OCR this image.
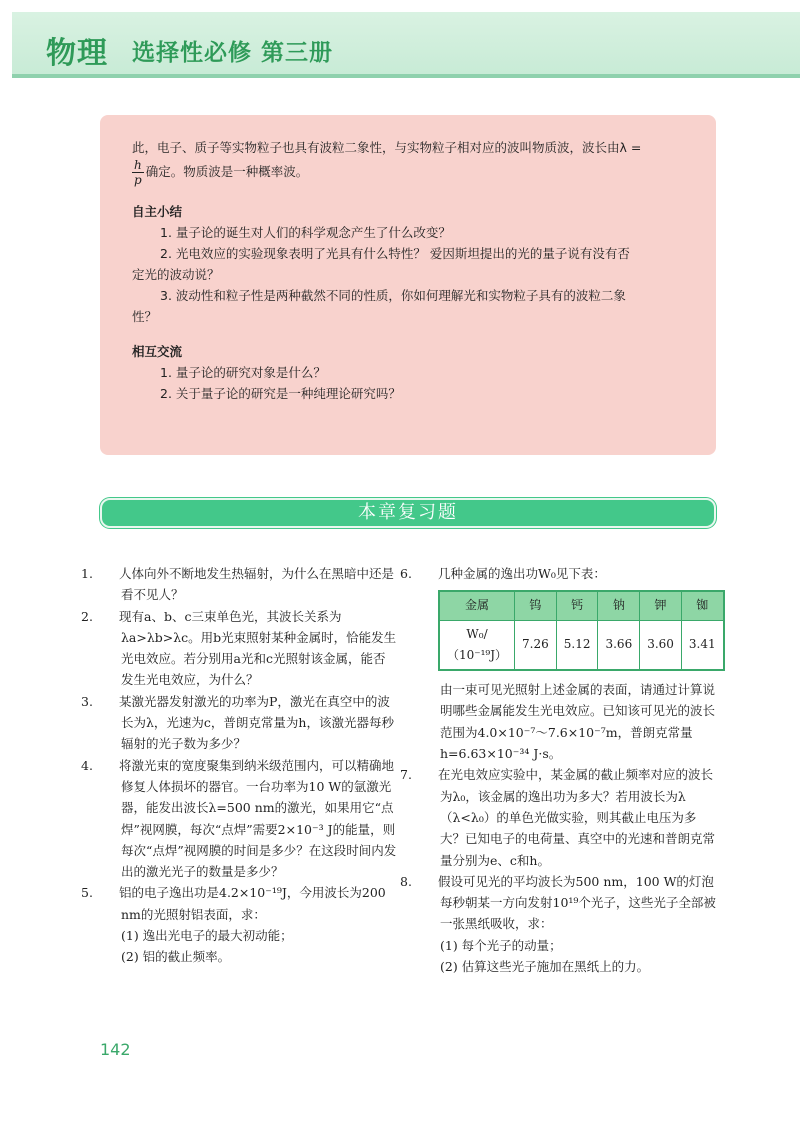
物理 选择性必修 第三册

此，电子、质子等实物粒子也具有波粒二象性，与实物粒子相对应的波叫物质波，波长由λ =

$\frac{h}{p}$ 确定。物质波是一种概率波。

自主小结

1. 量子论的诞生对人们的科学观念产生了什么改变？

2. 光电效应的实验现象表明了光具有什么特性？ 爱因斯坦提出的光的量子说有没有否

定光的波动说？

3. 波动性和粒子性是两种截然不同的性质，你如何理解光和实物粒子具有的波粒二象

性？

相互交流

1. 量子论的研究对象是什么？

2. 关于量子论的研究是一种纯理论研究吗？

本章复习题

1. 人体向外不断地发生热辐射，为什么在黑暗中还是看不见人？

2. 现有a、b、c三束单色光，其波长关系为λa>λb>λc。用b光束照射某种金属时，恰能发生光电效应。若分别用a光和c光照射该金属，能否发生光电效应，为什么？

3. 某激光器发射激光的功率为P，激光在真空中的波长为λ，光速为c，普朗克常量为h，该激光器每秒辐射的光子数为多少？

4. 将激光束的宽度聚集到纳米级范围内，可以精确地修复人体损坏的器官。一台功率为10 W的氩激光器，能发出波长λ=500 nm的激光，如果用它“点焊”视网膜，每次“点焊”需要2×10⁻³ J的能量，则每次“点焊”视网膜的时间是多少？在这段时间内发出的激光光子的数量是多少？

5. 铝的电子逸出功是4.2×10⁻¹⁹J，今用波长为200 nm的光照射铝表面，求：

(1) 逸出光电子的最大初动能；

(2) 铝的截止频率。

6. 几种金属的逸出功W₀见下表：

金属	钨	钙	钠	钾	铷
W₀/（10⁻¹⁹J）	7.26	5.12	3.66	3.60	3.41

由一束可见光照射上述金属的表面，请通过计算说明哪些金属能发生光电效应。已知该可见光的波长范围为4.0×10⁻⁷～7.6×10⁻⁷m，普朗克常量h=6.63×10⁻³⁴ J·s。

7. 在光电效应实验中，某金属的截止频率对应的波长为λ₀，该金属的逸出功为多大？若用波长为λ（λ<λ₀）的单色光做实验，则其截止电压为多大？已知电子的电荷量、真空中的光速和普朗克常量分别为e、c和h。

8. 假设可见光的平均波长为500 nm，100 W的灯泡每秒朝某一方向发射10¹⁹个光子，这些光子全部被一张黑纸吸收，求：

(1) 每个光子的动量；

(2) 估算这些光子施加在黑纸上的力。

142
